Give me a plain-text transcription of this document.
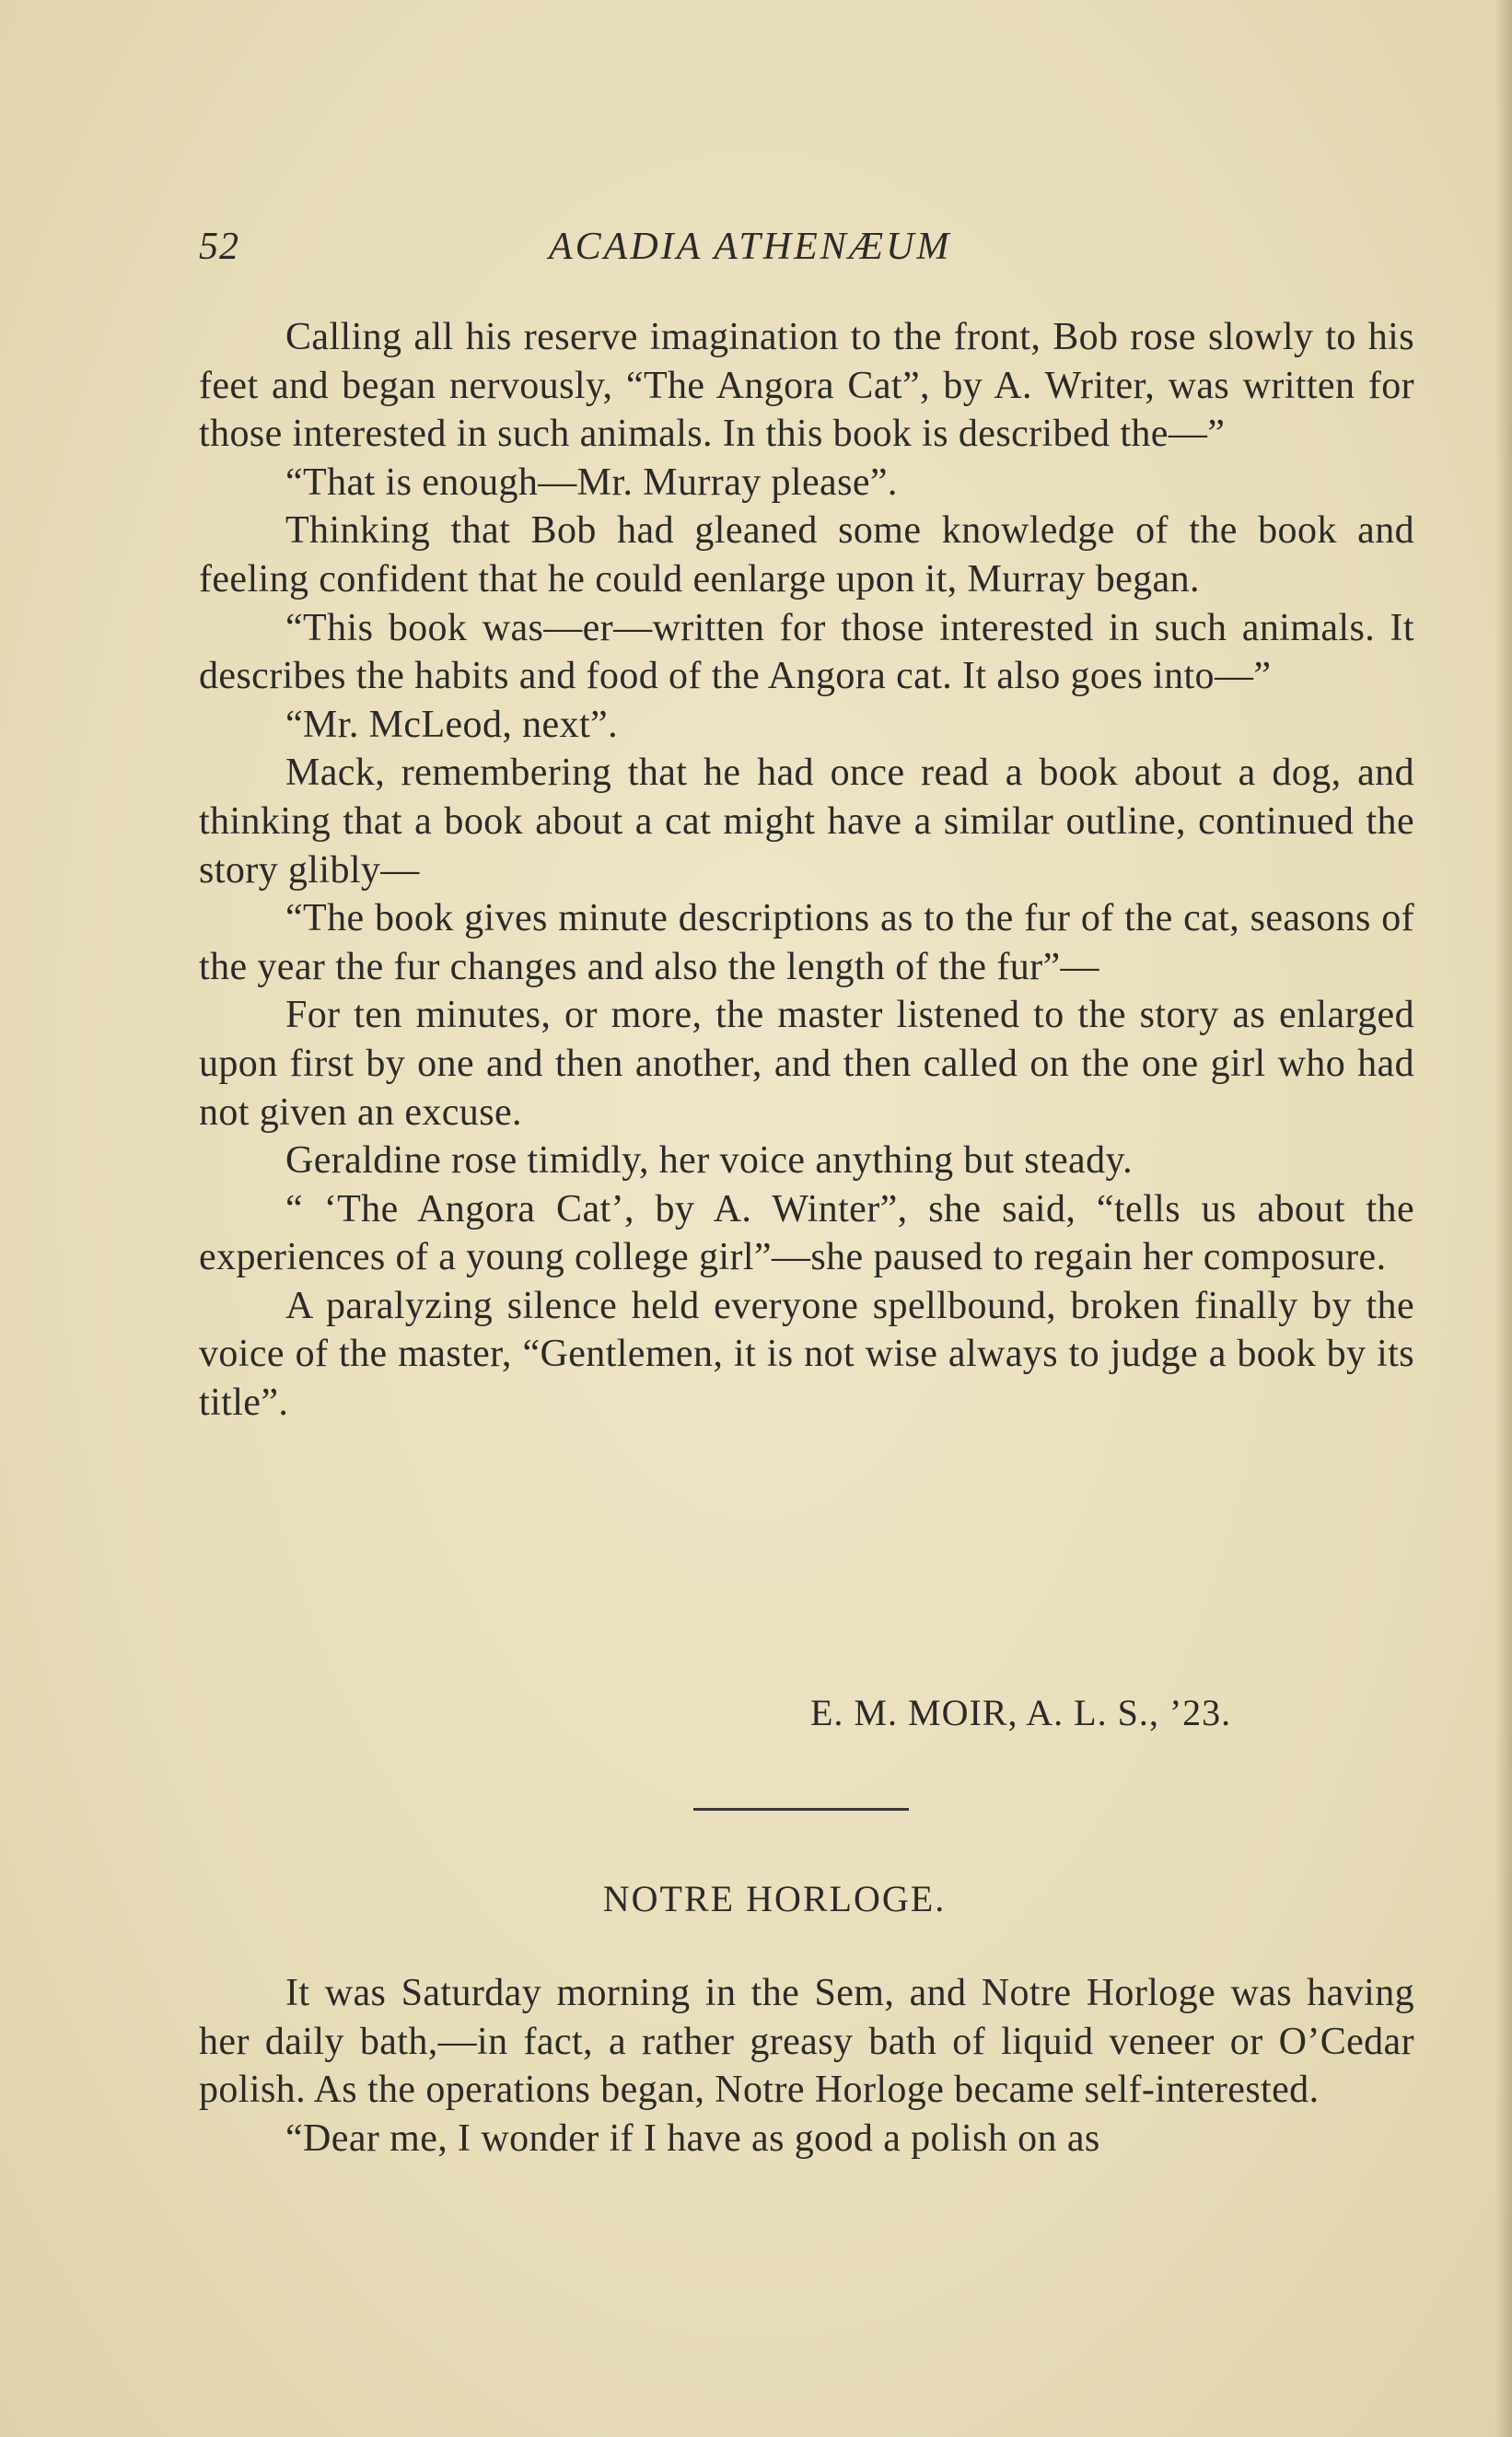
52	ACADIA ATHENÆUM

Calling all his reserve imagination to the front, Bob rose slowly to his feet and began nervously, “The Angora Cat”, by A. Writer, was written for those interested in such animals. In this book is described the—”

“That is enough—Mr. Murray please”.

Thinking that Bob had gleaned some knowledge of the book and feeling confident that he could eenlarge upon it, Murray began.

“This book was—er—written for those interested in such animals. It describes the habits and food of the Angora cat. It also goes into—”

“Mr. McLeod, next”.

Mack, remembering that he had once read a book about a dog, and thinking that a book about a cat might have a similar outline, continued the story glibly—

“The book gives minute descriptions as to the fur of the cat, seasons of the year the fur changes and also the length of the fur”—

For ten minutes, or more, the master listened to the story as enlarged upon first by one and then another, and then called on the one girl who had not given an excuse.

Geraldine rose timidly, her voice anything but steady.

“ ‘The Angora Cat’, by A. Winter”, she said, “tells us about the experiences of a young college girl”—she paused to regain her composure.

A paralyzing silence held everyone spellbound, broken finally by the voice of the master, “Gentlemen, it is not wise always to judge a book by its title”.

E. M. MOIR, A. L. S., ’23.
NOTRE HORLOGE.

It was Saturday morning in the Sem, and Notre Horloge was having her daily bath,—in fact, a rather greasy bath of liquid veneer or O’Cedar polish. As the operations began, Notre Horloge became self-interested.

“Dear me, I wonder if I have as good a polish on as
